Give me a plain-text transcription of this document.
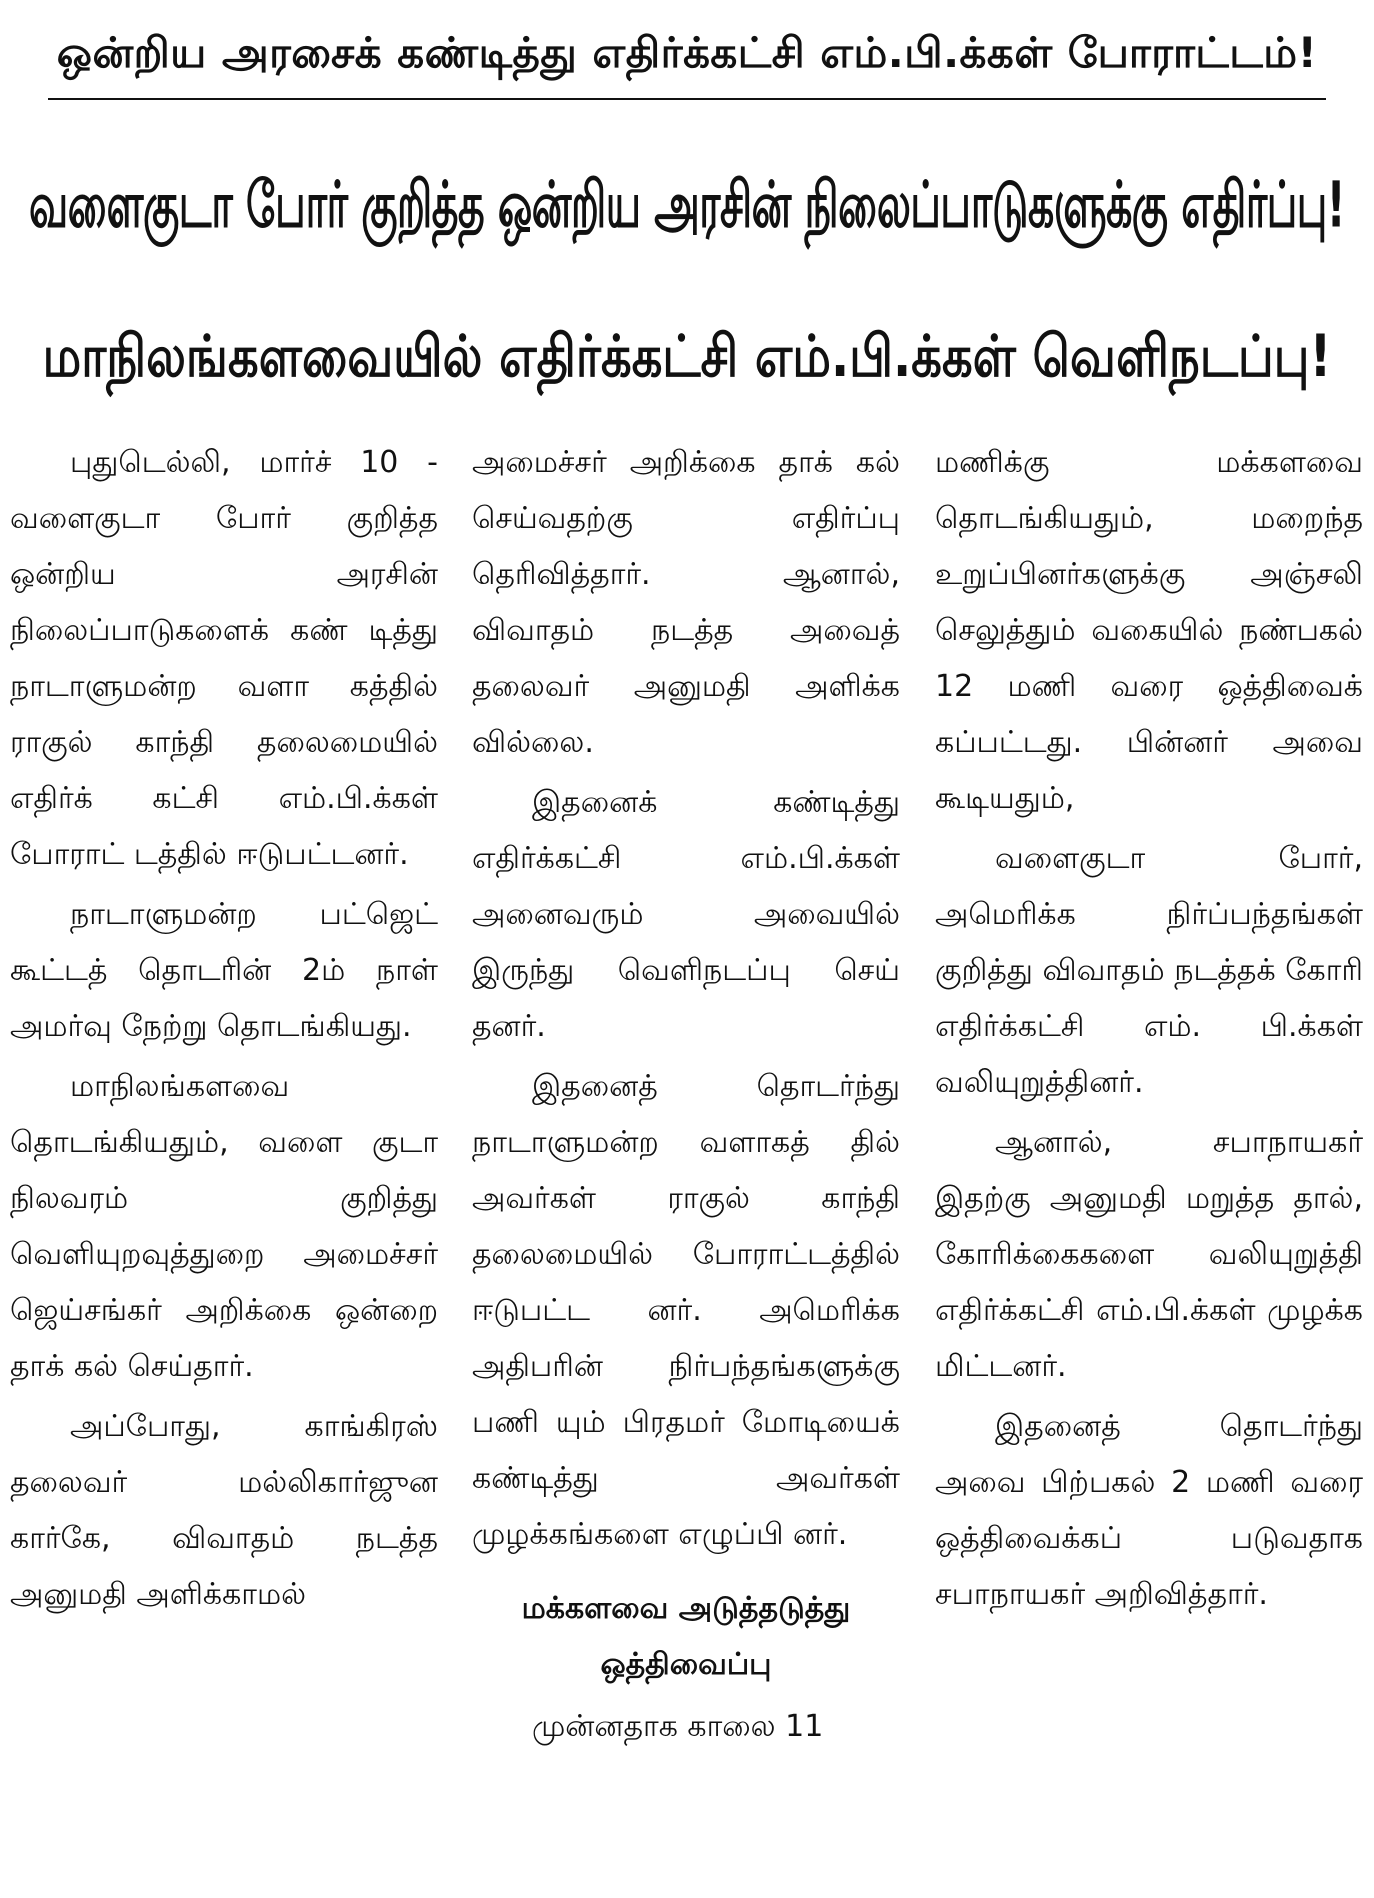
ஒன்றிய அரசைக் கண்டித்து எதிர்க்கட்சி எம்.பி.க்கள் போராட்டம்!
வளைகுடா போர் குறித்த ஒன்றிய அரசின் நிலைப்பாடுகளுக்கு எதிர்ப்பு!
மாநிலங்களவையில் எதிர்க்கட்சி எம்.பி.க்கள் வெளிநடப்பு!

புதுடெல்லி, மார்ச் 10 - வளைகுடா போர் குறித்த ஒன்றிய அரசின் நிலைப்பாடுகளைக் கண் டித்து நாடாளுமன்ற வளா கத்தில் ராகுல் காந்தி தலைமையில் எதிர்க் கட்சி எம்.பி.க்கள் போராட் டத்தில் ஈடுபட்டனர்.

நாடாளுமன்ற பட்ஜெட் கூட்டத் தொடரின் 2ம் நாள் அமர்வு நேற்று தொடங்கியது.

மாநிலங்களவை தொடங்கியதும், வளை குடா நிலவரம் குறித்து வெளியுறவுத்துறை அமைச்சர் ஜெய்சங்கர் அறிக்கை ஒன்றை தாக் கல் செய்தார்.

அப்போது, காங்கிரஸ் தலைவர் மல்லிகார்ஜுன கார்கே, விவாதம் நடத்த அனுமதி அளிக்காமல்

அமைச்சர் அறிக்கை தாக் கல் செய்வதற்கு எதிர்ப்பு தெரிவித்தார். ஆனால், விவாதம் நடத்த அவைத் தலைவர் அனுமதி அளிக்க வில்லை.

இதனைக் கண்டித்து எதிர்க்கட்சி எம்.பி.க்கள் அனைவரும் அவையில் இருந்து வெளிநடப்பு செய் தனர்.

இதனைத் தொடர்ந்து நாடாளுமன்ற வளாகத் தில் அவர்கள் ராகுல் காந்தி தலைமையில் போராட்டத்தில் ஈடுபட்ட னர். அமெரிக்க அதிபரின் நிர்பந்தங்களுக்கு பணி யும் பிரதமர் மோடியைக் கண்டித்து அவர்கள் முழக்கங்களை எழுப்பி னர்.

மக்களவை அடுத்தடுத்து
ஒத்திவைப்பு

முன்னதாக காலை 11

மணிக்கு மக்களவை தொடங்கியதும், மறைந்த உறுப்பினர்களுக்கு அஞ்சலி செலுத்தும் வகையில் நண்பகல் 12 மணி வரை ஒத்திவைக் கப்பட்டது. பின்னர் அவை கூடியதும்,

வளைகுடா போர், அமெரிக்க நிர்ப்பந்தங்கள் குறித்து விவாதம் நடத்தக் கோரி எதிர்க்கட்சி எம். பி.க்கள் வலியுறுத்தினர்.

ஆனால், சபாநாயகர் இதற்கு அனுமதி மறுத்த தால், கோரிக்கைகளை வலியுறுத்தி எதிர்க்கட்சி எம்.பி.க்கள் முழக்க மிட்டனர்.

இதனைத் தொடர்ந்து அவை பிற்பகல் 2 மணி வரை ஒத்திவைக்கப் படுவதாக சபாநாயகர் அறிவித்தார்.
